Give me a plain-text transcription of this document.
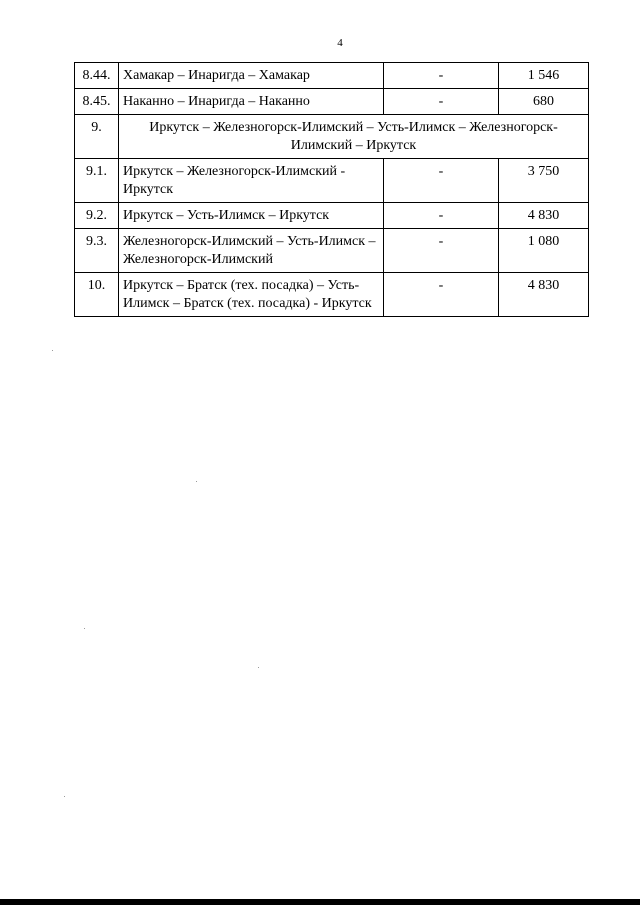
4
8.44.	Хамакар – Инаригда – Хамакар	-	1 546
8.45.	Наканно – Инаригда – Наканно	-	680
9.	Иркутск – Железногорск-Илимский – Усть-Илимск – Железногорск-Илимский – Иркутск		
9.1.	Иркутск – Железногорск-Илимский - Иркутск	-	3 750
9.2.	Иркутск – Усть-Илимск – Иркутск	-	4 830
9.3.	Железногорск-Илимский – Усть-Илимск – Железногорск-Илимский	-	1 080
10.	Иркутск – Братск (тех. посадка) – Усть-Илимск – Братск (тех. посадка) - Иркутск	-	4 830
